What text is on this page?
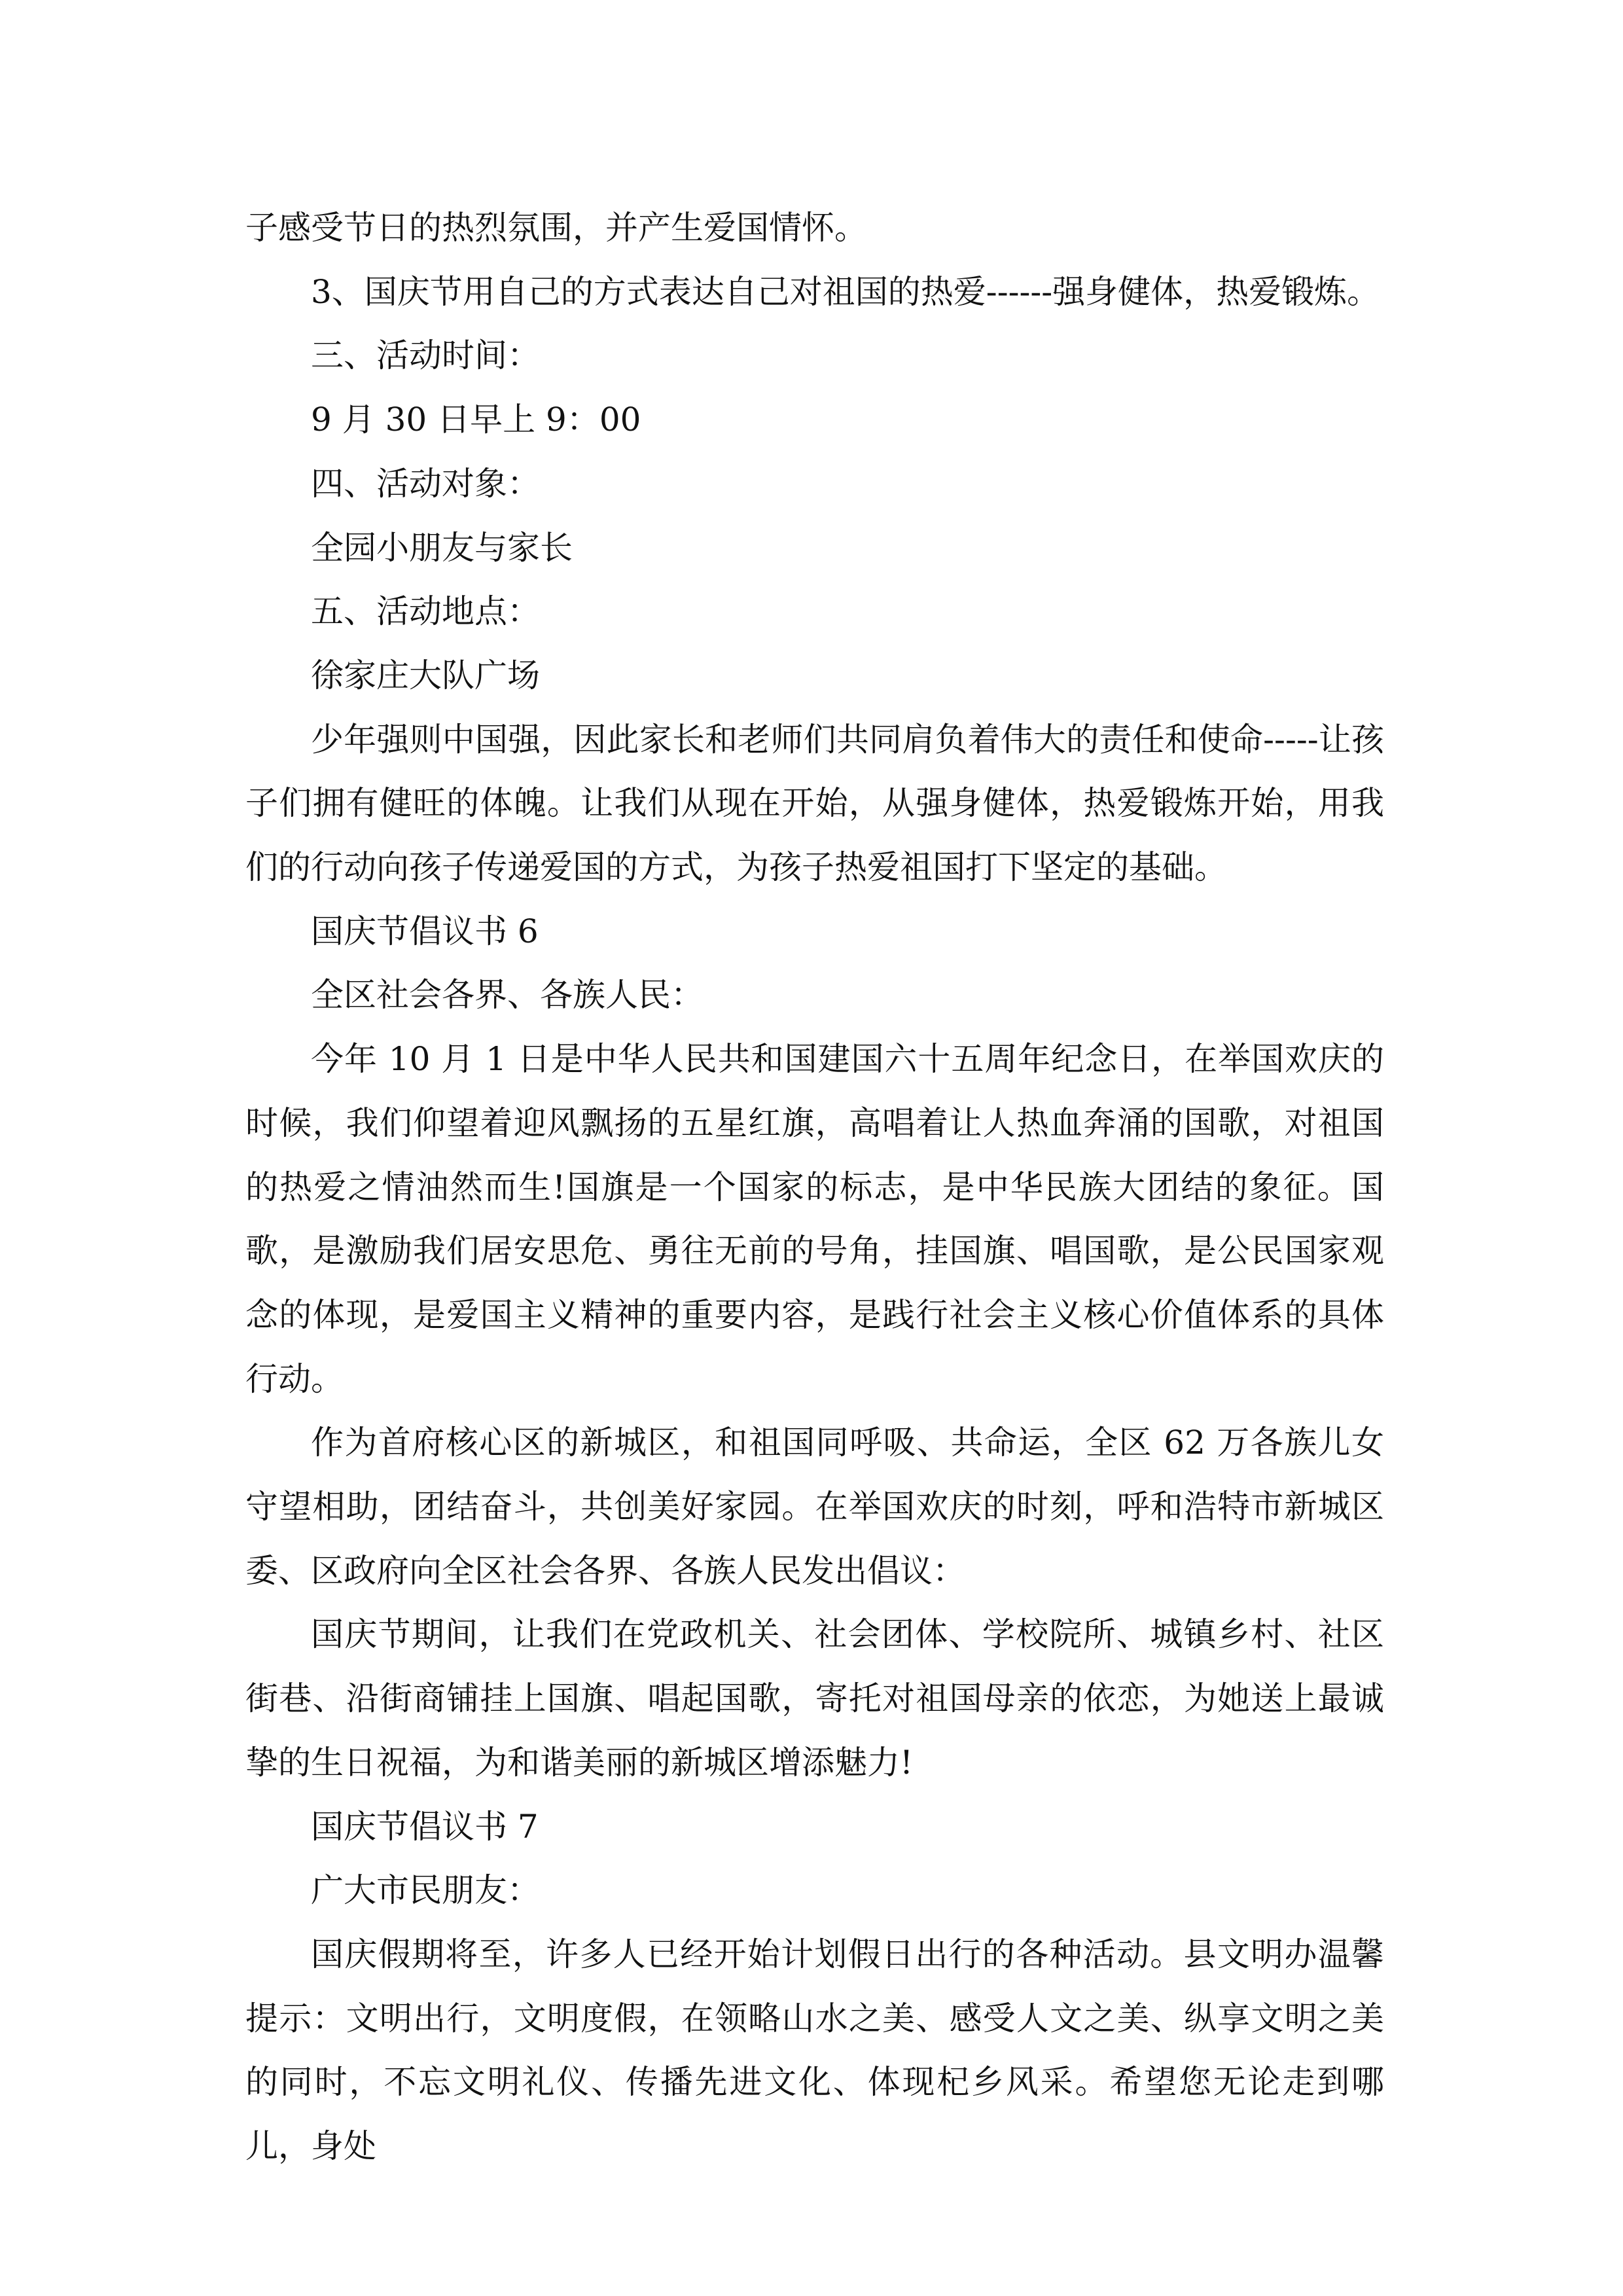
子感受节日的热烈氛围，并产生爱国情怀。

3、国庆节用自己的方式表达自己对祖国的热爱------强身健体，热爱锻炼。

三、活动时间：

9 月 30 日早上 9：00

四、活动对象：

全园小朋友与家长

五、活动地点：

徐家庄大队广场

少年强则中国强，因此家长和老师们共同肩负着伟大的责任和使命-----让孩子们拥有健旺的体魄。让我们从现在开始，从强身健体，热爱锻炼开始，用我们的行动向孩子传递爱国的方式，为孩子热爱祖国打下坚定的基础。

国庆节倡议书 6

全区社会各界、各族人民：

今年 10 月 1 日是中华人民共和国建国六十五周年纪念日，在举国欢庆的时候，我们仰望着迎风飘扬的五星红旗，高唱着让人热血奔涌的国歌，对祖国的热爱之情油然而生!国旗是一个国家的标志，是中华民族大团结的象征。国歌，是激励我们居安思危、勇往无前的号角，挂国旗、唱国歌，是公民国家观念的体现，是爱国主义精神的重要内容，是践行社会主义核心价值体系的具体行动。

作为首府核心区的新城区，和祖国同呼吸、共命运，全区 62 万各族儿女守望相助，团结奋斗，共创美好家园。在举国欢庆的时刻，呼和浩特市新城区委、区政府向全区社会各界、各族人民发出倡议：

国庆节期间，让我们在党政机关、社会团体、学校院所、城镇乡村、社区街巷、沿街商铺挂上国旗、唱起国歌，寄托对祖国母亲的依恋，为她送上最诚挚的生日祝福，为和谐美丽的新城区增添魅力!

国庆节倡议书 7

广大市民朋友：

国庆假期将至，许多人已经开始计划假日出行的各种活动。县文明办温馨提示：文明出行，文明度假，在领略山水之美、感受人文之美、纵享文明之美的同时，不忘文明礼仪、传播先进文化、体现杞乡风采。希望您无论走到哪儿，身处
